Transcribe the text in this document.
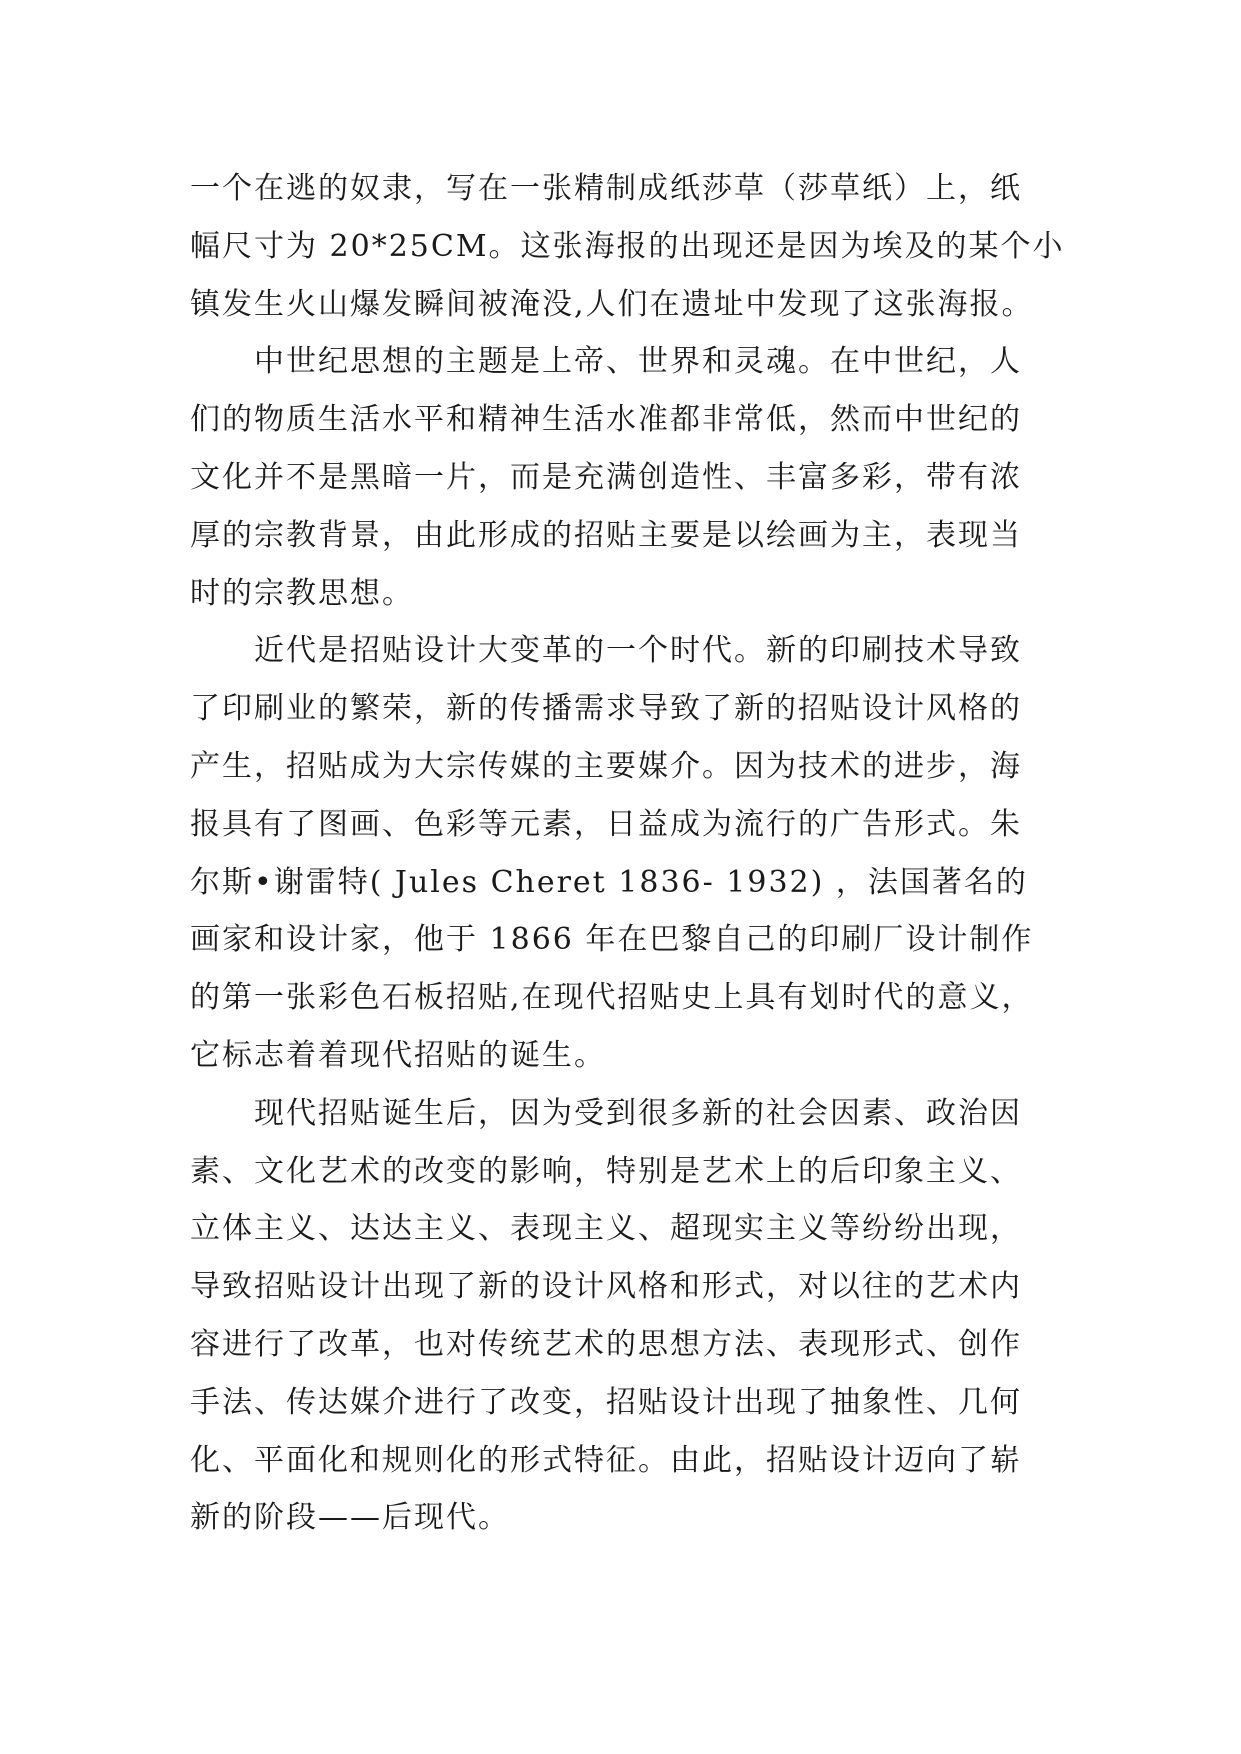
一个在逃的奴隶，写在一张精制成纸莎草（莎草纸）上，纸
幅尺寸为 20*25CM。这张海报的出现还是因为埃及的某个小
镇发生火山爆发瞬间被淹没,人们在遗址中发现了这张海报。
中世纪思想的主题是上帝、世界和灵魂。在中世纪，人
们的物质生活水平和精神生活水准都非常低，然而中世纪的
文化并不是黑暗一片，而是充满创造性、丰富多彩，带有浓
厚的宗教背景，由此形成的招贴主要是以绘画为主，表现当
时的宗教思想。
近代是招贴设计大变革的一个时代。新的印刷技术导致
了印刷业的繁荣，新的传播需求导致了新的招贴设计风格的
产生，招贴成为大宗传媒的主要媒介。因为技术的进步，海
报具有了图画、色彩等元素，日益成为流行的广告形式。朱
尔斯•谢雷特( Jules Cheret 1836- 1932) ，法国著名的
画家和设计家，他于 1866 年在巴黎自己的印刷厂设计制作
的第一张彩色石板招贴,在现代招贴史上具有划时代的意义，
它标志着着现代招贴的诞生。
现代招贴诞生后，因为受到很多新的社会因素、政治因
素、文化艺术的改变的影响，特别是艺术上的后印象主义、
立体主义、达达主义、表现主义、超现实主义等纷纷出现，
导致招贴设计出现了新的设计风格和形式，对以往的艺术内
容进行了改革，也对传统艺术的思想方法、表现形式、创作
手法、传达媒介进行了改变，招贴设计出现了抽象性、几何
化、平面化和规则化的形式特征。由此，招贴设计迈向了崭
新的阶段——后现代。
